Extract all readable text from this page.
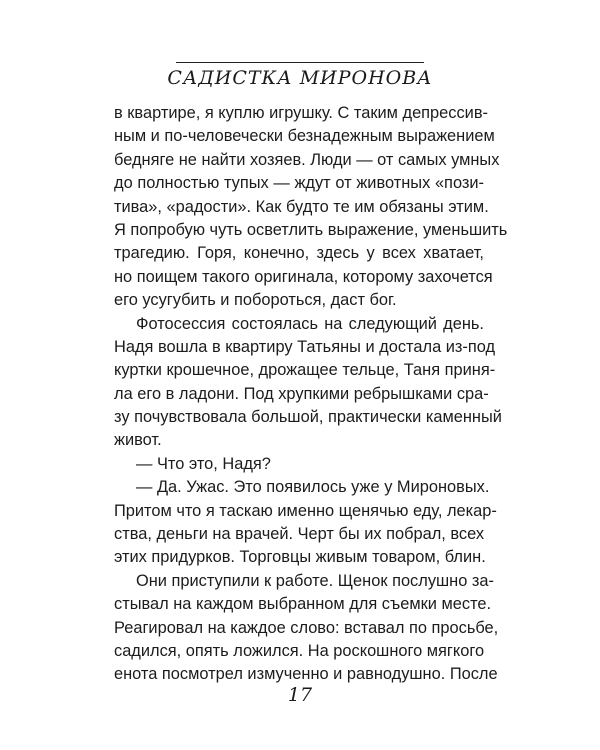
САДИСТКА МИРОНОВА
в квартире, я куплю игрушку. С таким депрессив-
ным и по-человечески безнадежным выражением
бедняге не найти хозяев. Люди — от самых умных
до полностью тупых — ждут от животных «пози-
тива», «радости». Как будто те им обязаны этим.
Я попробую чуть осветлить выражение, уменьшить
трагедию. Горя, конечно, здесь у всех хватает,
но поищем такого оригинала, которому захочется
его усугубить и побороться, даст бог.
Фотосессия состоялась на следующий день.
Надя вошла в квартиру Татьяны и достала из-под
куртки крошечное, дрожащее тельце, Таня приня-
ла его в ладони. Под хрупкими ребрышками сра-
зу почувствовала большой, практически каменный
живот.
— Что это, Надя?
— Да. Ужас. Это появилось уже у Мироновых.
Притом что я таскаю именно щенячью еду, лекар-
ства, деньги на врачей. Черт бы их побрал, всех
этих придурков. Торговцы живым товаром, блин.
Они приступили к работе. Щенок послушно за-
стывал на каждом выбранном для съемки месте.
Реагировал на каждое слово: вставал по просьбе,
садился, опять ложился. На роскошного мягкого
енота посмотрел измученно и равнодушно. После
17
